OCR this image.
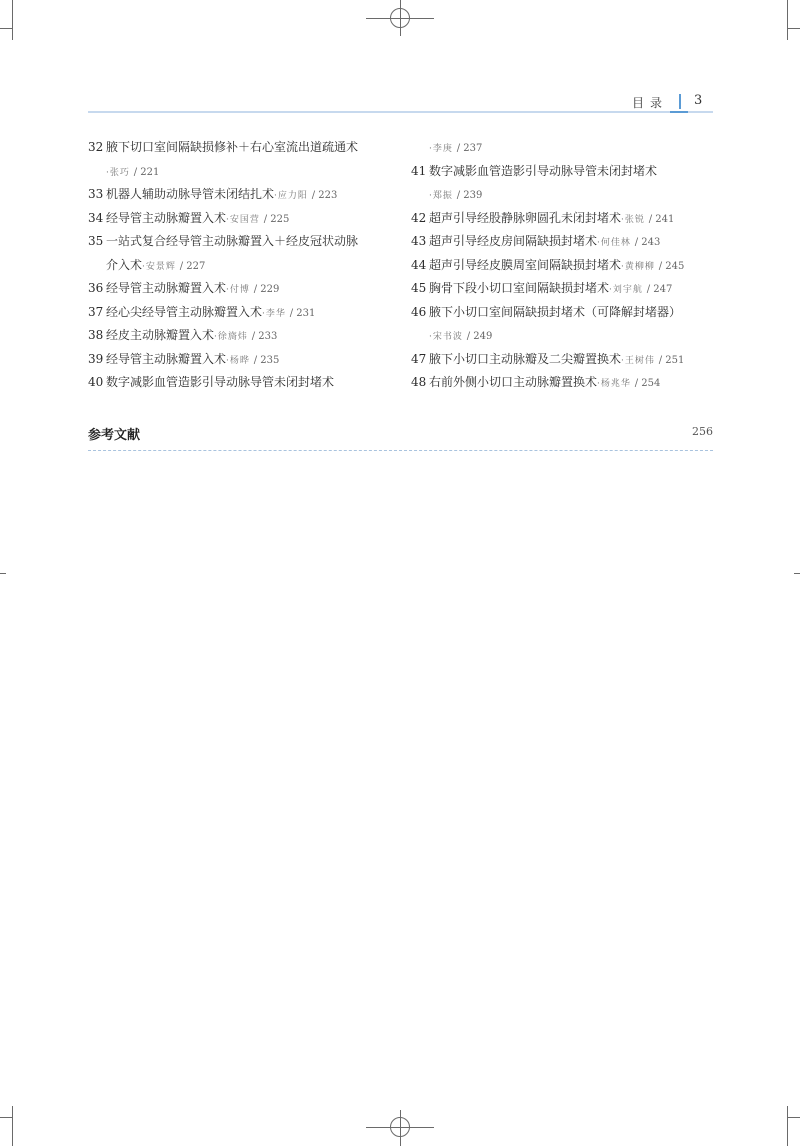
目录 3
32 腋下切口室间隔缺损修补＋右心室流出道疏通术
·张巧 / 221
33 机器人辅助动脉导管未闭结扎术·应力阳 / 223
34 经导管主动脉瓣置入术·安国营 / 225
35 一站式复合经导管主动脉瓣置入＋经皮冠状动脉
介入术·安景辉 / 227
36 经导管主动脉瓣置入术·付博 / 229
37 经心尖经导管主动脉瓣置入术·李华 / 231
38 经皮主动脉瓣置入术·徐旖炜 / 233
39 经导管主动脉瓣置入术·杨晔 / 235
40 数字减影血管造影引导动脉导管未闭封堵术
·李庚 / 237
41 数字减影血管造影引导动脉导管未闭封堵术
·郑振 / 239
42 超声引导经股静脉卵圆孔未闭封堵术·张锐 / 241
43 超声引导经皮房间隔缺损封堵术·何佳林 / 243
44 超声引导经皮膜周室间隔缺损封堵术·黄柳柳 / 245
45 胸骨下段小切口室间隔缺损封堵术·刘宇航 / 247
46 腋下小切口室间隔缺损封堵术（可降解封堵器）
·宋书波 / 249
47 腋下小切口主动脉瓣及二尖瓣置换术·王树伟 / 251
48 右前外侧小切口主动脉瓣置换术·杨兆华 / 254
参考文献	256
